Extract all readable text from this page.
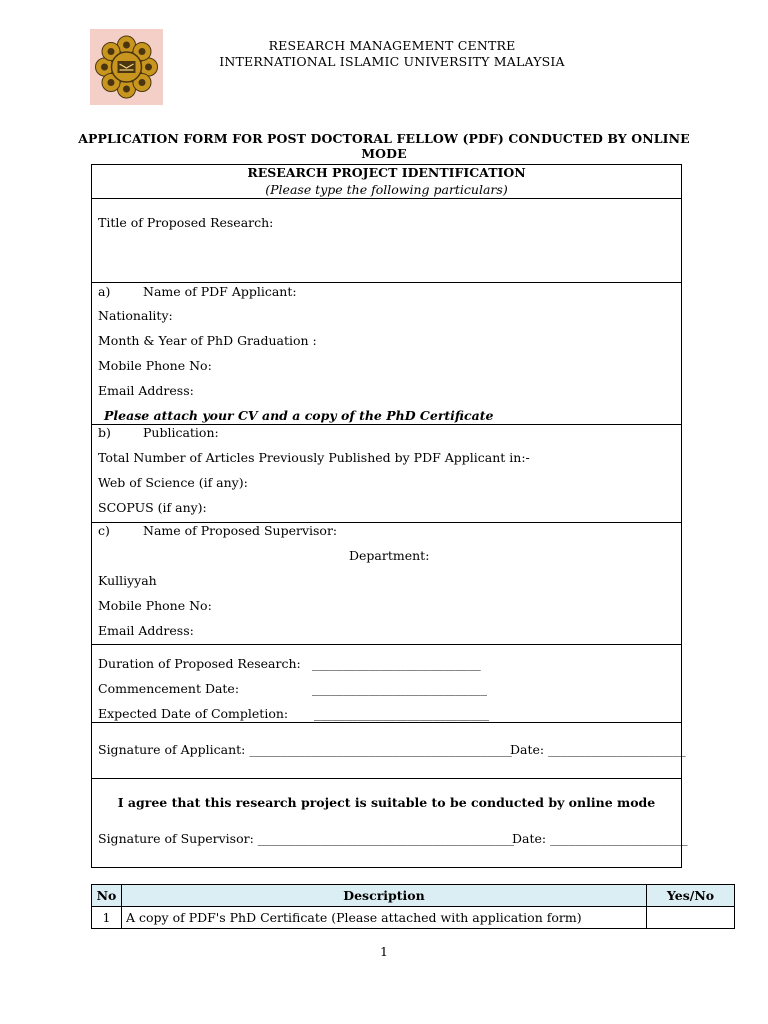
RESEARCH MANAGEMENT CENTRE
INTERNATIONAL ISLAMIC UNIVERSITY MALAYSIA
APPLICATION FORM FOR POST DOCTORAL FELLOW (PDF) CONDUCTED BY ONLINE MODE
RESEARCH PROJECT IDENTIFICATION
(Please type the following particulars)
Title of Proposed Research:
a)	Name of PDF Applicant:
Nationality:
Month & Year of PhD Graduation :
Mobile Phone No:
Email Address:
Please attach your CV and a copy of the PhD Certificate
b)	Publication:
Total Number of Articles Previously Published by PDF Applicant in:-
Web of Science (if any):
SCOPUS (if any):
c)	Name of Proposed Supervisor:
Department:
Kulliyyah
Mobile Phone No:
Email Address:
Duration of Proposed Research: ___________________________
Commencement Date:	____________________________
Expected Date of Completion: ____________________________
Signature of Applicant: __________________________________________
Date: ______________________
I agree that this research project is suitable to be conducted by online mode
Signature of Supervisor: _________________________________________
Date: ______________________
No	Description	Yes/No
1	A copy of PDF's PhD Certificate (Please attached with application form)	
1
